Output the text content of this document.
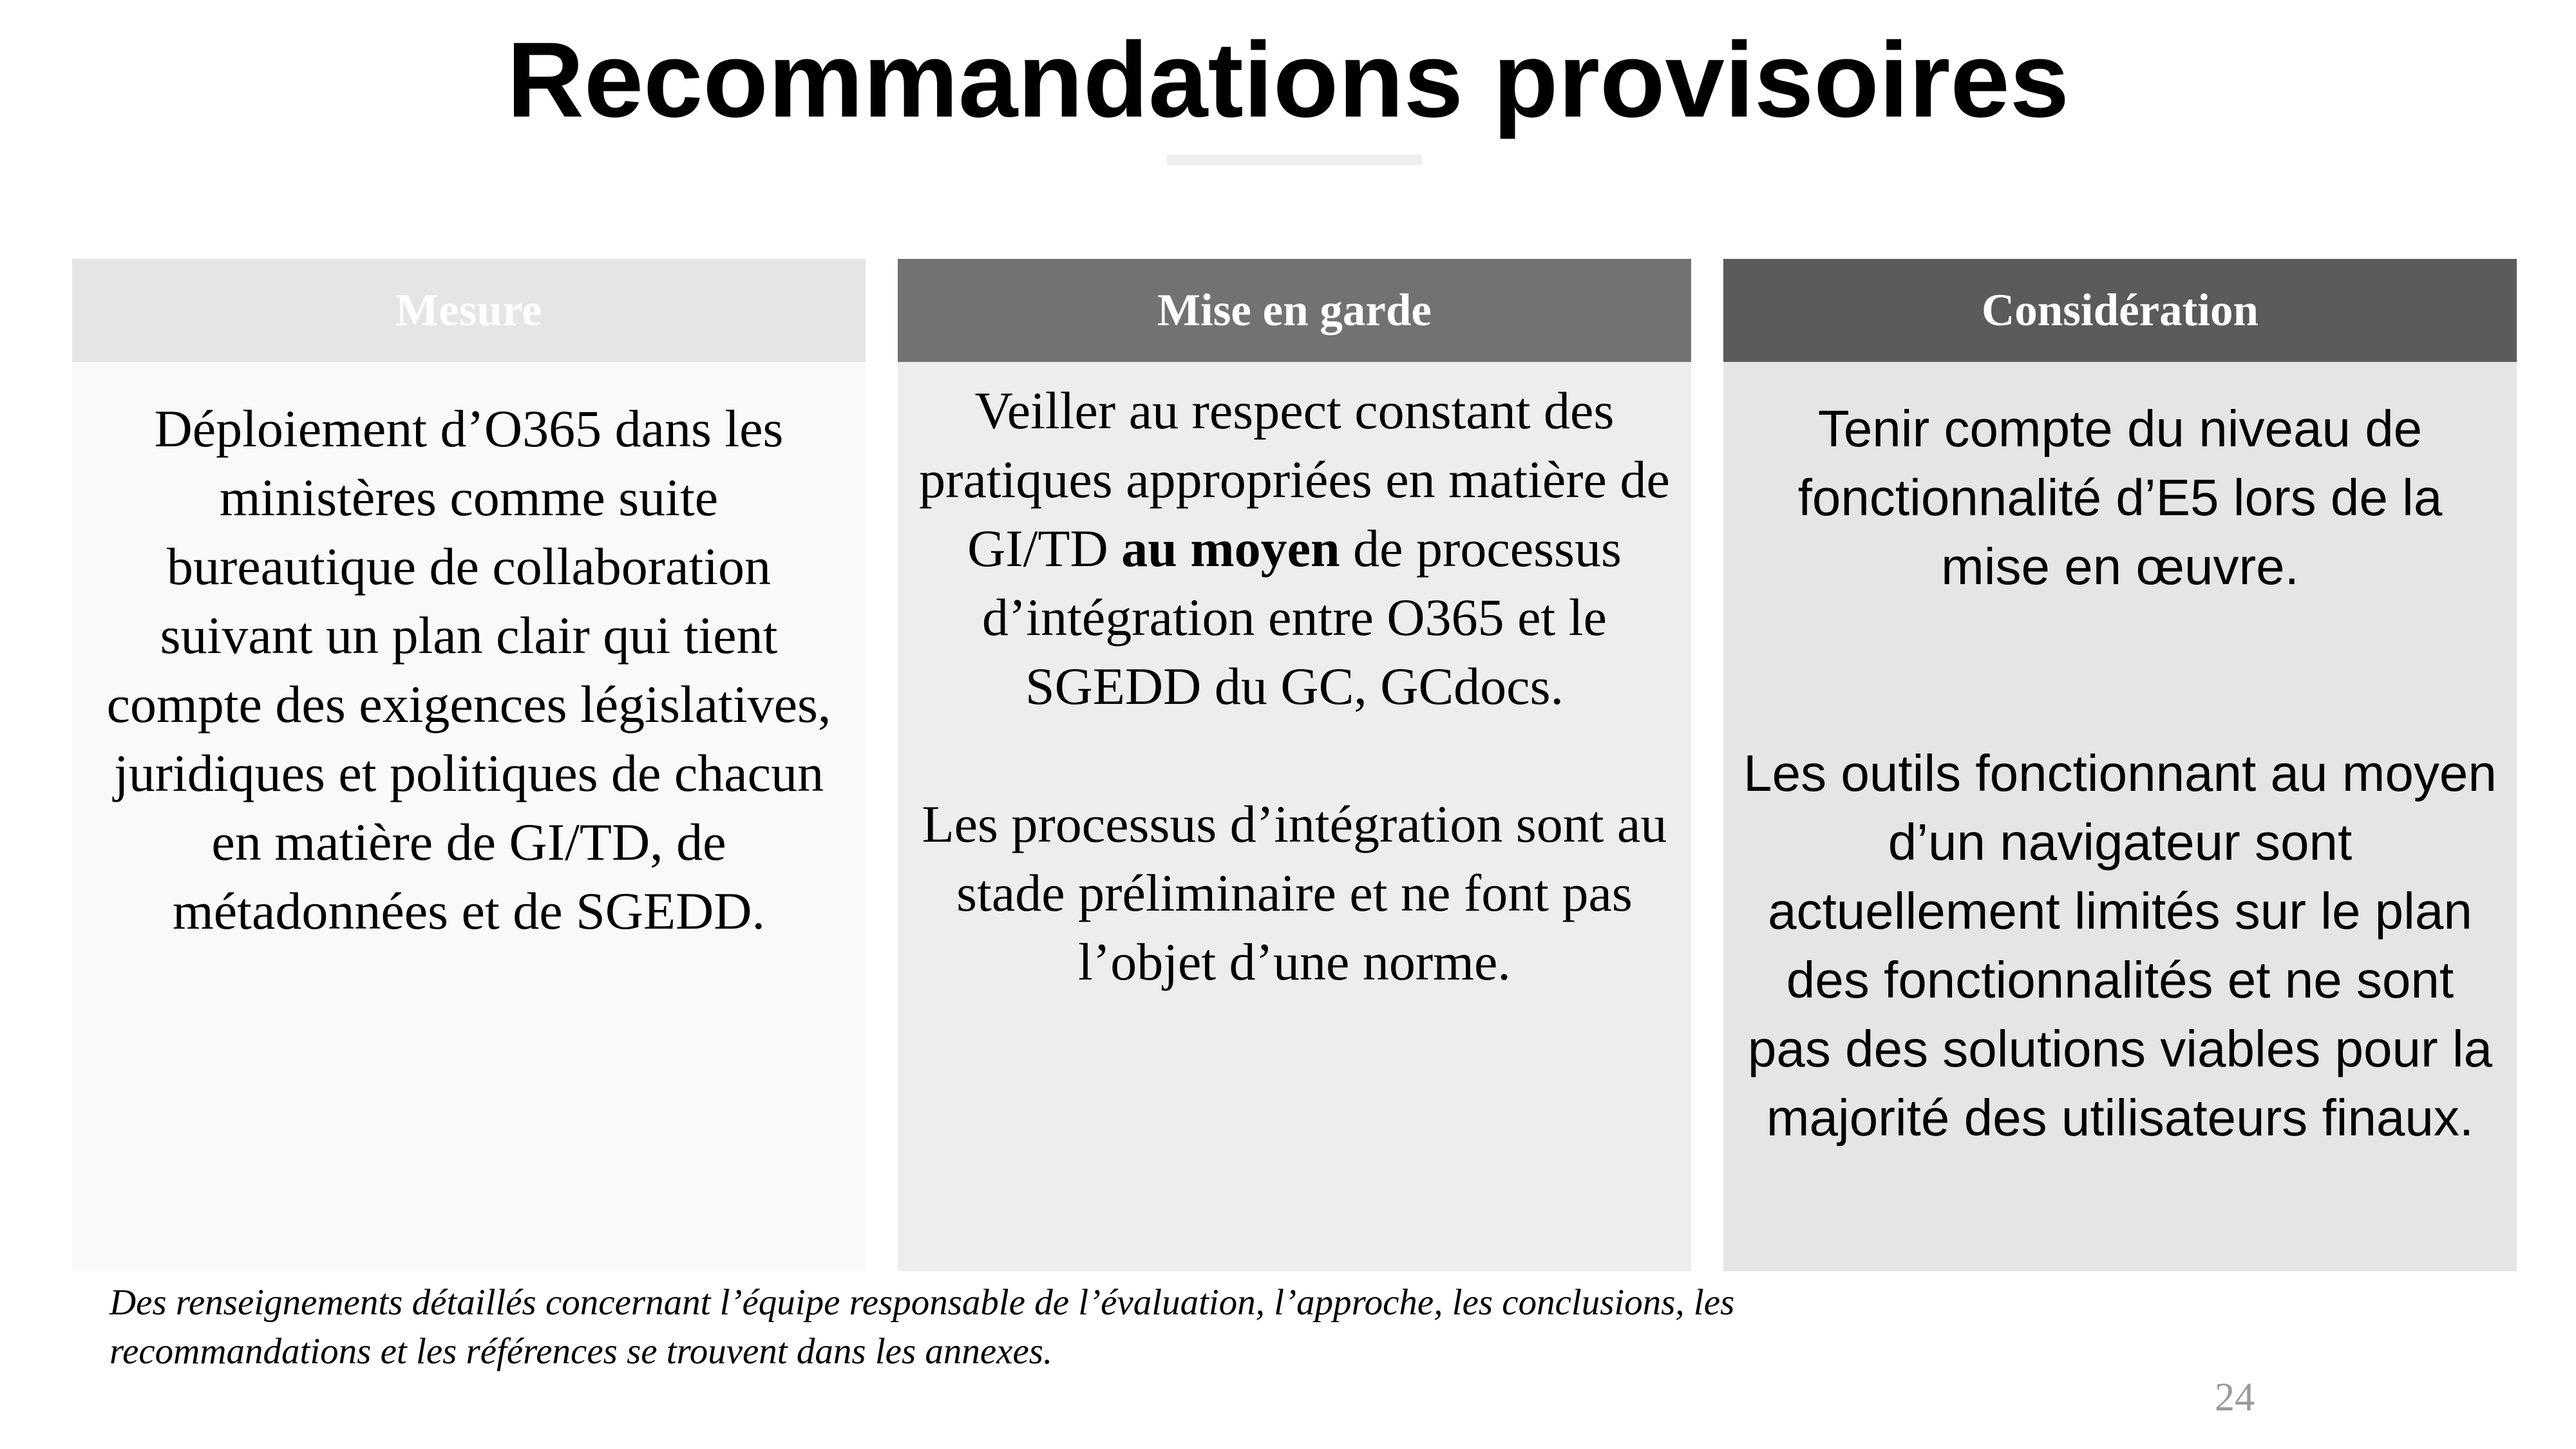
Recommandations provisoires
Mesure

Déploiement d’O365 dans les ministères comme suite bureautique de collaboration suivant un plan clair qui tient compte des exigences législatives, juridiques et politiques de chacun en matière de GI/TD, de métadonnées et de SGEDD.

Mise en garde

Veiller au respect constant des pratiques appropriées en matière de GI/TD au moyen de processus d’intégration entre O365 et le SGEDD du GC, GCdocs.

Les processus d’intégration sont au stade préliminaire et ne font pas l’objet d’une norme.

Considération

Tenir compte du niveau de fonctionnalité d’E5 lors de la mise en œuvre.

Les outils fonctionnant au moyen d’un navigateur sont actuellement limités sur le plan des fonctionnalités et ne sont pas des solutions viables pour la majorité des utilisateurs finaux.

Des renseignements détaillés concernant l’équipe responsable de l’évaluation, l’approche, les conclusions, les
recommandations et les références se trouvent dans les annexes.

24
